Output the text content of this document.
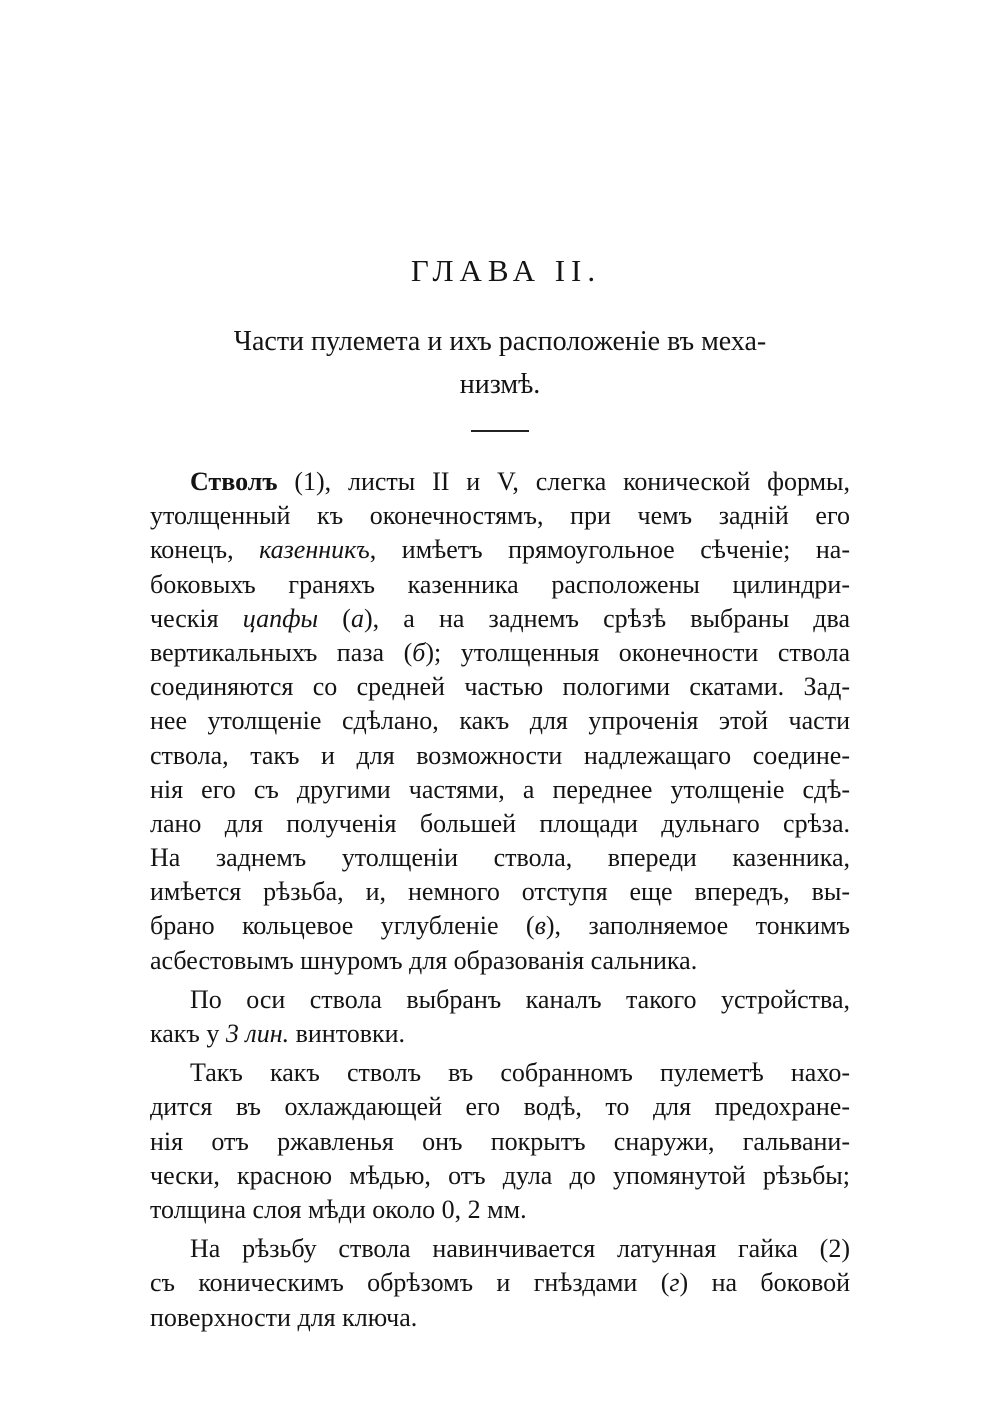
ГЛАВА II.
Части пулемета и ихъ расположеніе въ меха-
низмѣ.
Стволъ (1), листы II и V, слегка конической формы,
утолщенный къ оконечностямъ, при чемъ задній его
конецъ, казенникъ, имѣетъ прямоугольное сѣченіе; на-
боковыхъ граняхъ казенника расположены цилиндри-
ческія цапфы (а), а на заднемъ срѣзѣ выбраны два
вертикальныхъ паза (б); утолщенныя оконечности ствола
соединяются со средней частью пологими скатами. Зад-
нее утолщеніе сдѣлано, какъ для упроченія этой части
ствола, такъ и для возможности надлежащаго соедине-
нія его съ другими частями, а переднее утолщеніе сдѣ-
лано для полученія большей площади дульнаго срѣза.
На заднемъ утолщеніи ствола, впереди казенника,
имѣется рѣзьба, и, немного отступя еще впередъ, вы-
брано кольцевое углубленіе (в), заполняемое тонкимъ
асбестовымъ шнуромъ для образованія сальника.
По оси ствола выбранъ каналъ такого устройства,
какъ у 3 лин. винтовки.
Такъ какъ стволъ въ собранномъ пулеметѣ нахо-
дится въ охлаждающей его водѣ, то для предохране-
нія отъ ржавленья онъ покрытъ снаружи, гальвани-
чески, красною мѣдью, отъ дула до упомянутой рѣзьбы;
толщина слоя мѣди около 0, 2 мм.
На рѣзьбу ствола навинчивается латунная гайка (2)
съ коническимъ обрѣзомъ и гнѣздами (г) на боковой
поверхности для ключа.
